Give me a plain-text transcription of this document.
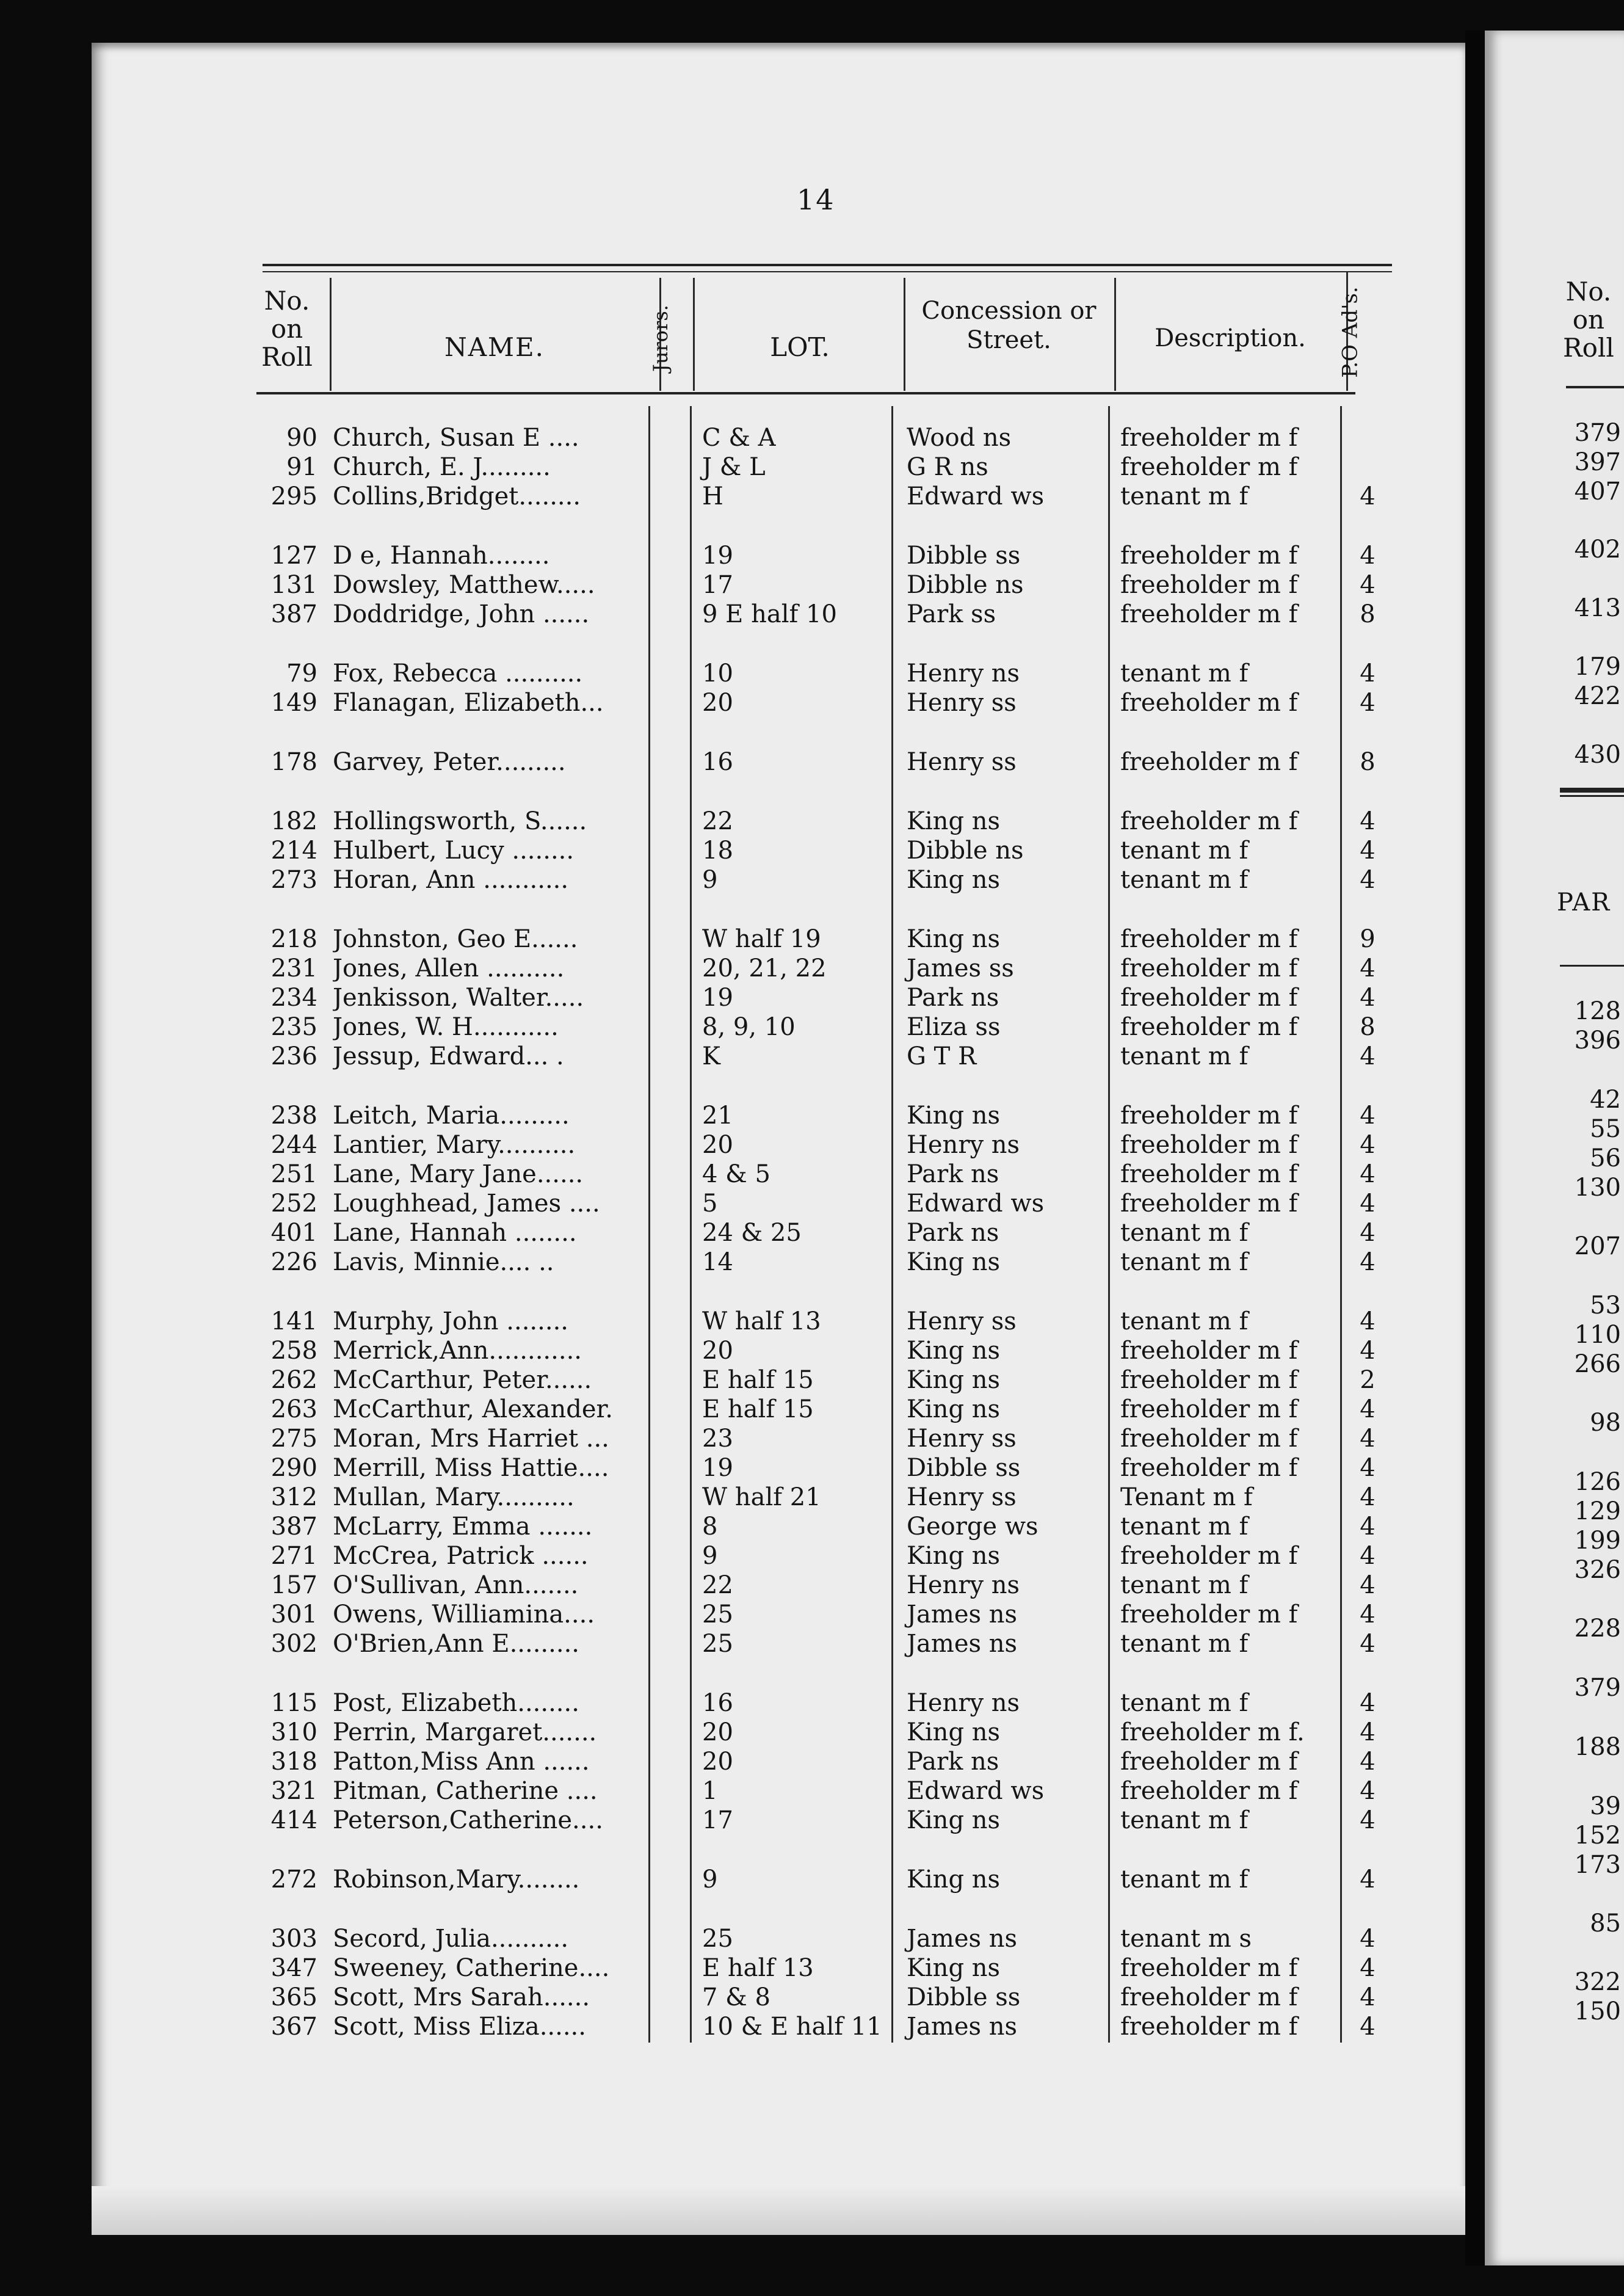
14
No.
on
Roll	NAME.	Jurors.	LOT.
Concession or
Street.	Description.	P.O Ad's.
90 Church, Susan E ....	C & A	Wood ns	freeholder m f
91 Church, E. J.........	J & L	G R ns	freeholder m f
295 Collins,Bridget........	H	Edward ws	tenant m f	4
127 D e, Hannah........	19	Dibble ss	freeholder m f	4
131 Dowsley, Matthew.....	17	Dibble ns	freeholder m f	4
387 Doddridge, John ......	9 E half 10	Park ss	freeholder m f	8
79 Fox, Rebecca ..........	10	Henry ns	tenant m f	4
149 Flanagan, Elizabeth...	20	Henry ss	freeholder m f	4
178 Garvey, Peter.........	16	Henry ss	freeholder m f	8
182 Hollingsworth, S......	22	King ns	freeholder m f	4
214 Hulbert, Lucy ........	18	Dibble ns	tenant m f	4
273 Horan, Ann ...........	9	King ns	tenant m f	4
218 Johnston, Geo E......	W half 19	King ns	freeholder m f	9
231 Jones, Allen ..........	20, 21, 22	James ss	freeholder m f	4
234 Jenkisson, Walter.....	19	Park ns	freeholder m f	4
235 Jones, W. H...........	8, 9, 10	Eliza ss	freeholder m f	8
236 Jessup, Edward... .	K	G T R	tenant m f	4
238 Leitch, Maria.........	21	King ns	freeholder m f	4
244 Lantier, Mary..........	20	Henry ns	freeholder m f	4
251 Lane, Mary Jane......	4 & 5	Park ns	freeholder m f	4
252 Loughhead, James ....	5	Edward ws	freeholder m f	4
401 Lane, Hannah ........	24 & 25	Park ns	tenant m f	4
226 Lavis, Minnie.... ..	14	King ns	tenant m f	4
141 Murphy, John ........	W half 13	Henry ss	tenant m f	4
258 Merrick,Ann............	20	King ns	freeholder m f	4
262 McCarthur, Peter......	E half 15	King ns	freeholder m f	2
263 McCarthur, Alexander.	E half 15	King ns	freeholder m f	4
275 Moran, Mrs Harriet ...	23	Henry ss	freeholder m f	4
290 Merrill, Miss Hattie....	19	Dibble ss	freeholder m f	4
312 Mullan, Mary..........	W half 21	Henry ss	Tenant m f	4
387 McLarry, Emma .......	8	George ws	tenant m f	4
271 McCrea, Patrick ......	9	King ns	freeholder m f	4
157 O'Sullivan, Ann.......	22	Henry ns	tenant m f	4
301 Owens, Williamina....	25	James ns	freeholder m f	4
302 O'Brien,Ann E.........	25	James ns	tenant m f	4
115 Post, Elizabeth........	16	Henry ns	tenant m f	4
310 Perrin, Margaret.......	20	King ns	freeholder m f.	4
318 Patton,Miss Ann ......	20	Park ns	freeholder m f	4
321 Pitman, Catherine ....	1	Edward ws	freeholder m f	4
414 Peterson,Catherine....	17	King ns	tenant m f	4
272 Robinson,Mary........	9	King ns	tenant m f	4
303 Secord, Julia..........	25	James ns	tenant m s	4
347 Sweeney, Catherine....	E half 13	King ns	freeholder m f	4
365 Scott, Mrs Sarah......	7 & 8	Dibble ss	freeholder m f	4
367 Scott, Miss Eliza......	10 & E half 11	James ns	freeholder m f	4
No.
on
Roll
PAR
379
397
407
402
413
179
422
430
128
396
42
55
56
130
207
53
110
266
98
126
129
199
326
228
379
188
39
152
173
85
322
150
